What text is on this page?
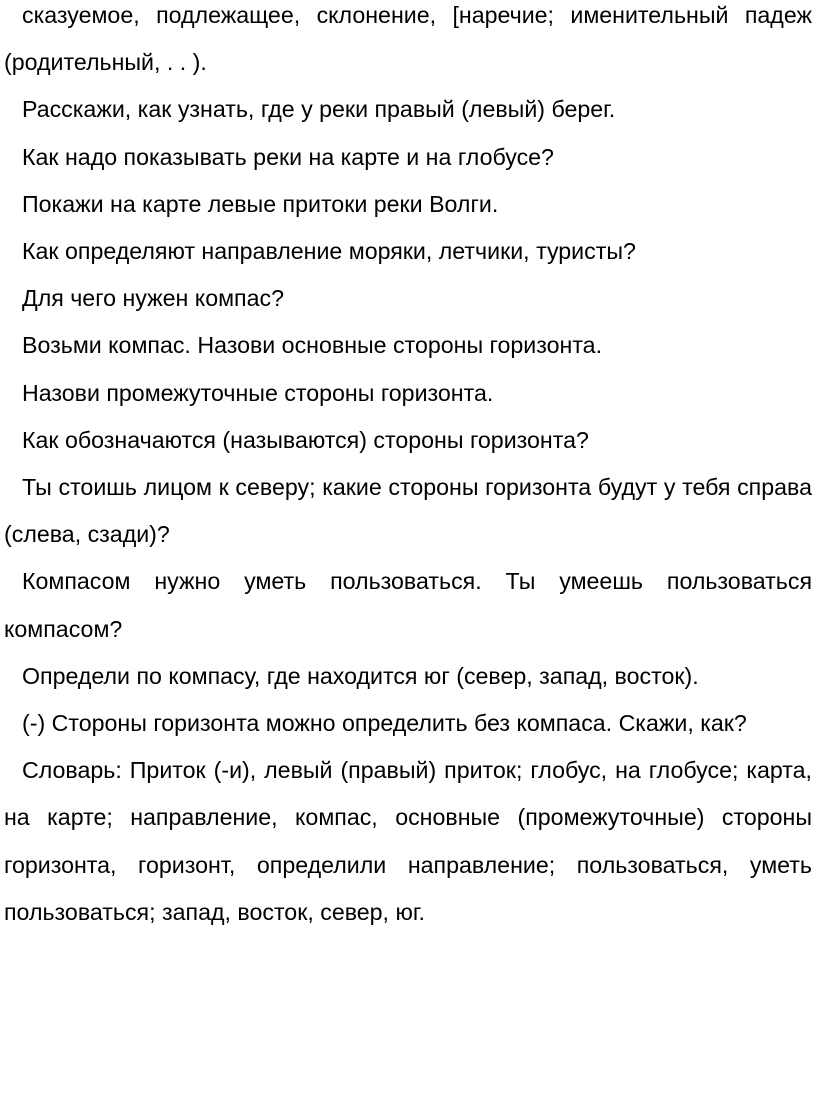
сказуемое, подлежащее, склонение, [наречие; именительный падеж (родительный, . . ).

Расскажи, как узнать, где у реки правый (левый) берег.

Как надо показывать реки на карте и на глобусе?

Покажи на карте левые притоки реки Волги.

Как определяют направление моряки, летчики, туристы?

Для чего нужен компас?

Возьми компас. Назови основные стороны горизонта.

Назови промежуточные стороны горизонта.

Как обозначаются (называются) стороны горизонта?

Ты стоишь лицом к северу; какие стороны горизонта будут у тебя справа (слева, сзади)?

Компасом нужно уметь пользоваться. Ты умеешь пользоваться компасом?

Определи по компасу, где находится юг (север, запад, восток).

(-) Стороны горизонта можно определить без компаса. Скажи, как?

Словарь: Приток (-и), левый (правый) приток; глобус, на глобусе; карта, на карте; направление, компас, основные (промежуточные) стороны горизонта, горизонт, определили направление; пользоваться, уметь пользоваться; запад, восток, север, юг.
